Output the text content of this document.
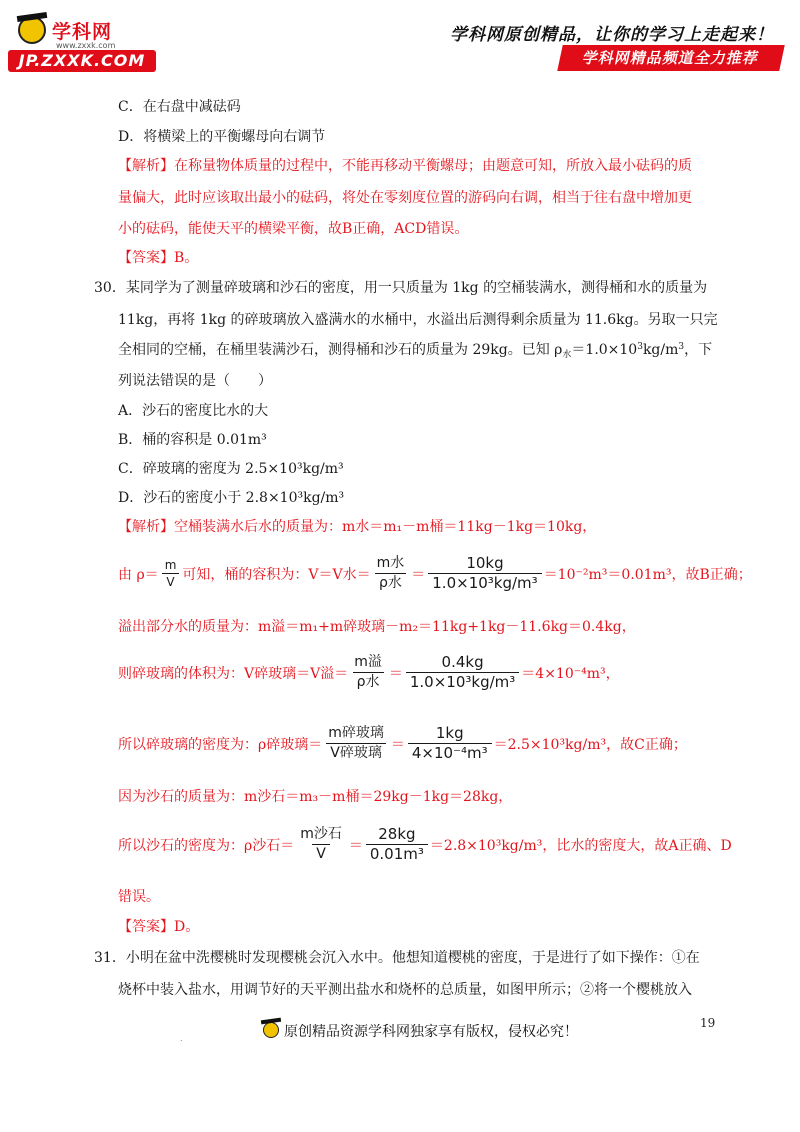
学科网
www.zxxk.com
JP.ZXXK.COM
学科网原创精品，让你的学习上走起来！
学科网精品频道全力推荐
C．在右盘中减砝码
D．将横梁上的平衡螺母向右调节
【解析】在称量物体质量的过程中，不能再移动平衡螺母；由题意可知，所放入最小砝码的质
量偏大，此时应该取出最小的砝码，将处在零刻度位置的游码向右调，相当于往右盘中增加更
小的砝码，能使天平的横梁平衡，故B正确，ACD错误。
【答案】B。
30．某同学为了测量碎玻璃和沙石的密度，用一只质量为 1kg 的空桶装满水，测得桶和水的质量为
11kg，再将 1kg 的碎玻璃放入盛满水的水桶中，水溢出后测得剩余质量为 11.6kg。另取一只完
全相同的空桶，在桶里装满沙石，测得桶和沙石的质量为 29kg。已知 $\rho_水=1.0\times 10^3kg/m^3$，下
列说法错误的是（　　）
A．沙石的密度比水的大
B．桶的容积是 0.01m³
C．碎玻璃的密度为 2.5×10³kg/m³
D．沙石的密度小于 2.8×10³kg/m³
【解析】空桶装满水后水的质量为：m水＝m₁－m桶＝11kg－1kg＝10kg，
由 $\rho= \frac{m}{V}$ 可知，桶的容积为：V＝V水＝ $\frac{\text{m水}}{\text{ρ水}} = \frac{10kg}{\text{1.0×10³kg/m³}} =10^{-2}m^3=0.01m^3$，故B正确；
溢出部分水的质量为：m溢＝m₁+m碎玻璃－m₂＝11kg+1kg－11.6kg＝0.4kg，
则碎玻璃的体积为：V碎玻璃＝V溢＝ $\frac{\text{m溢}}{\text{ρ水}} = \frac{0.4kg}{\text{1.0×10³kg/m³}} =4\times 10^{-4}m^3$，
所以碎玻璃的密度为：ρ碎玻璃＝ $\frac{\text{m碎玻璃}}{\text{V碎玻璃}} = \frac{1kg}{\text{4×10⁻⁴m³}} =2.5\times 10^3kg/m^3$，故C正确；
因为沙石的质量为：m沙石＝m₃－m桶＝29kg－1kg＝28kg，
所以沙石的密度为：ρ沙石＝ $\frac{\text{m沙石}}{V} = \frac{28kg}{\text{0.01m³}} =2.8\times 10^3kg/m^3$，比水的密度大，故A正确、D
错误。
【答案】D。
31．小明在盆中洗樱桃时发现樱桃会沉入水中。他想知道樱桃的密度，于是进行了如下操作：①在
烧杯中装入盐水，用调节好的天平测出盐水和烧杯的总质量，如图甲所示；②将一个樱桃放入
19
原创精品资源学科网独家享有版权，侵权必究！
.
